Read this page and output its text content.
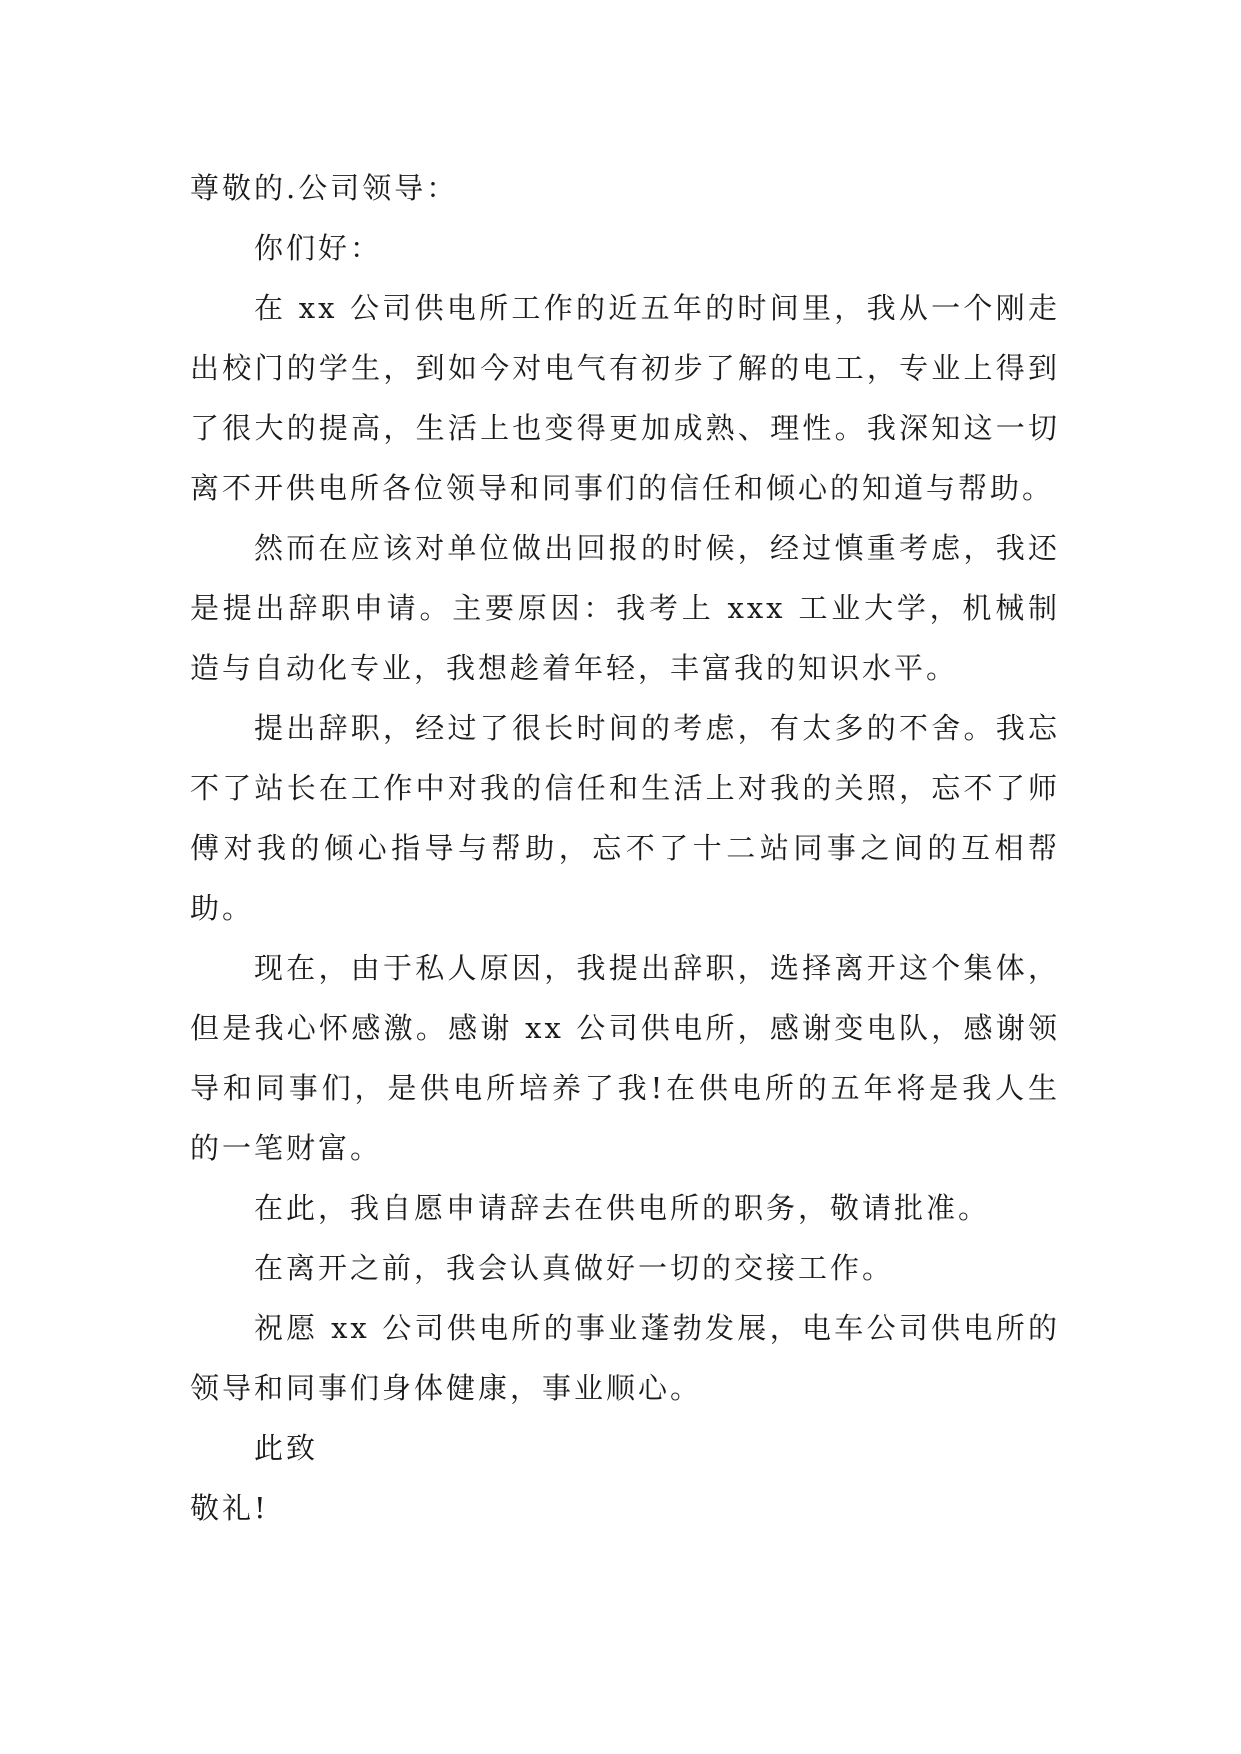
尊敬的.公司领导：

你们好：

在 xx 公司供电所工作的近五年的时间里，我从一个刚走出校门的学生，到如今对电气有初步了解的电工，专业上得到了很大的提高，生活上也变得更加成熟、理性。我深知这一切离不开供电所各位领导和同事们的信任和倾心的知道与帮助。

然而在应该对单位做出回报的时候，经过慎重考虑，我还是提出辞职申请。主要原因：我考上 xxx 工业大学，机械制造与自动化专业，我想趁着年轻，丰富我的知识水平。

提出辞职，经过了很长时间的考虑，有太多的不舍。我忘不了站长在工作中对我的信任和生活上对我的关照，忘不了师傅对我的倾心指导与帮助，忘不了十二站同事之间的互相帮助。

现在，由于私人原因，我提出辞职，选择离开这个集体，但是我心怀感激。感谢 xx 公司供电所，感谢变电队，感谢领导和同事们，是供电所培养了我!在供电所的五年将是我人生的一笔财富。

在此，我自愿申请辞去在供电所的职务，敬请批准。

在离开之前，我会认真做好一切的交接工作。

祝愿 xx 公司供电所的事业蓬勃发展，电车公司供电所的领导和同事们身体健康，事业顺心。

此致

敬礼!
